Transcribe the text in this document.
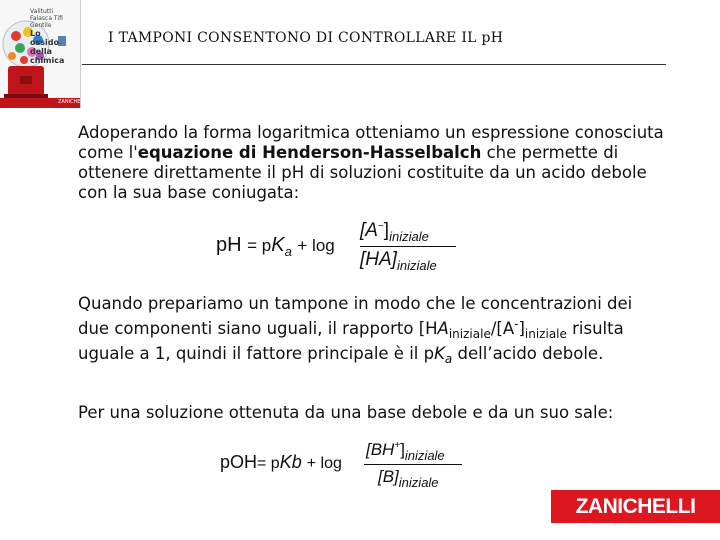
Valitutti
Falasca Tifi Gentile
Lo
ossido della chimica
ZANICHELLI
I TAMPONI CONSENTONO DI CONTROLLARE IL pH
Adoperando la forma logaritmica otteniamo un espressione conosciuta come l'equazione di Henderson-Hasselbalch che permette di ottenere direttamente il pH di soluzioni costituite da un acido debole con la sua base coniugata:
pH = $pK_a + \log$
$[A^-]_{iniziale}$
$[HA]_{iniziale}$
Quando prepariamo un tampone in modo che le concentrazioni dei due componenti siano uguali, il rapporto [$HA_{iniziale}/[A^-]_{iniziale}$ risulta uguale a 1, quindi il fattore principale è il $pK_a$ dell’acido debole.
Per una soluzione ottenuta da una base debole e da un suo sale:
pOH= pKb + log
$[BH^+]_{iniziale}$
$[B]_{iniziale}$
ZANICHELLI
